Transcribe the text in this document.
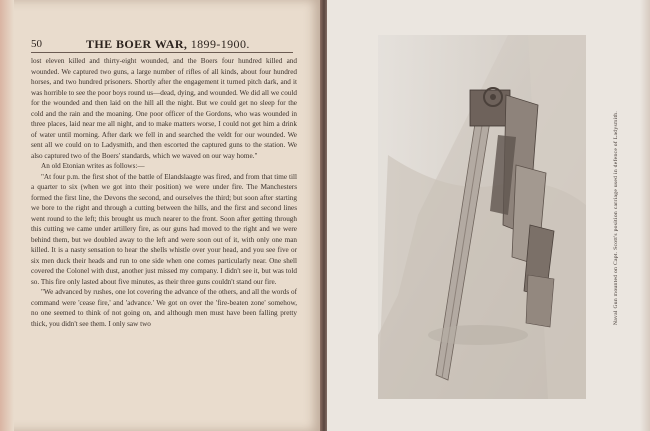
50	THE BOER WAR, 1899-1900.

lost eleven killed and thirty-eight wounded, and the Boers four hundred killed and wounded. We captured two guns, a large number of rifles of all kinds, about four hundred horses, and two hundred prisoners. Shortly after the engagement it turned pitch dark, and it was horrible to see the poor boys round us—dead, dying, and wounded. We did all we could for the wounded and then laid on the hill all the night. But we could get no sleep for the cold and the rain and the moaning. One poor officer of the Gordons, who was wounded in three places, laid near me all night, and to make matters worse, I could not get him a drink of water until morning. After dark we fell in and searched the veldt for our wounded. We sent all we could on to Ladysmith, and then escorted the captured guns to the station. We also captured two of the Boers' standards, which we waved on our way home."

An old Etonian writes as follows:—

"At four p.m. the first shot of the battle of Elandslaagte was fired, and from that time till a quarter to six (when we got into their position) we were under fire. The Manchesters formed the first line, the Devons the second, and ourselves the third; but soon after starting we bore to the right and through a cutting between the hills, and the first and second lines went round to the left; this brought us much nearer to the front. Soon after getting through this cutting we came under artillery fire, as our guns had moved to the right and we were behind them, but we doubled away to the left and were soon out of it, with only one man killed. It is a nasty sensation to hear the shells whistle over your head, and you see five or six men duck their heads and run to one side when one comes particularly near. One shell covered the Colonel with dust, another just missed my company. I didn't see it, but was told so. This fire only lasted about five minutes, as their three guns couldn't stand our fire.

"We advanced by rushes, one lot covering the advance of the others, and all the words of command were 'cease fire,' and 'advance.' We got on over the 'fire-beaten zone' somehow, no one seemed to think of not going on, and although men must have been falling pretty thick, you didn't see them. I only saw two	Naval Gun mounted on Capt. Scott's position carriage used in defence of Ladysmith.
